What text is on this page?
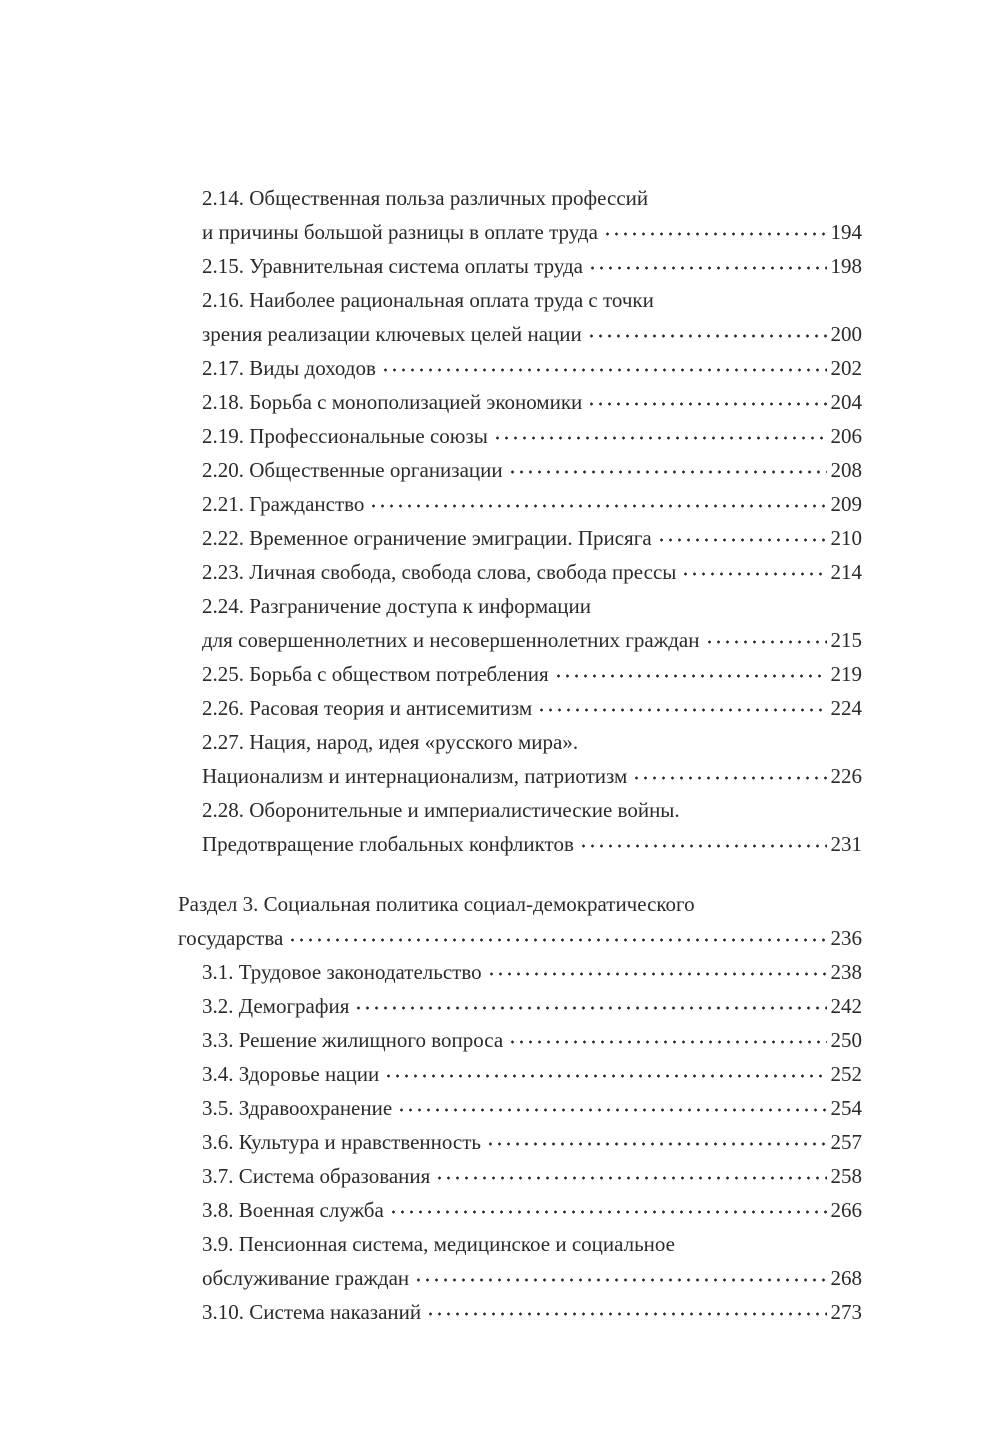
2.14. Общественная польза различных профессий
и причины большой разницы в оплате труда	194
2.15. Уравнительная система оплаты труда	198
2.16. Наиболее рациональная оплата труда с точки
зрения реализации ключевых целей нации	200
2.17. Виды доходов	202
2.18. Борьба с монополизацией экономики	204
2.19. Профессиональные союзы	206
2.20. Общественные организации	208
2.21. Гражданство	209
2.22. Временное ограничение эмиграции. Присяга	210
2.23. Личная свобода, свобода слова, свобода прессы	214
2.24. Разграничение доступа к информации
для совершеннолетних и несовершеннолетних граждан	215
2.25. Борьба с обществом потребления	219
2.26. Расовая теория и антисемитизм	224
2.27. Нация, народ, идея «русского мира».
Национализм и интернационализм, патриотизм	226
2.28. Оборонительные и империалистические войны.
Предотвращение глобальных конфликтов	231
Раздел 3. Социальная политика социал-демократического
государства	236
3.1. Трудовое законодательство	238
3.2. Демография	242
3.3. Решение жилищного вопроса	250
3.4. Здоровье нации	252
3.5. Здравоохранение	254
3.6. Культура и нравственность	257
3.7. Система образования	258
3.8. Военная служба	266
3.9. Пенсионная система, медицинское и социальное
обслуживание граждан	268
3.10. Система наказаний	273
